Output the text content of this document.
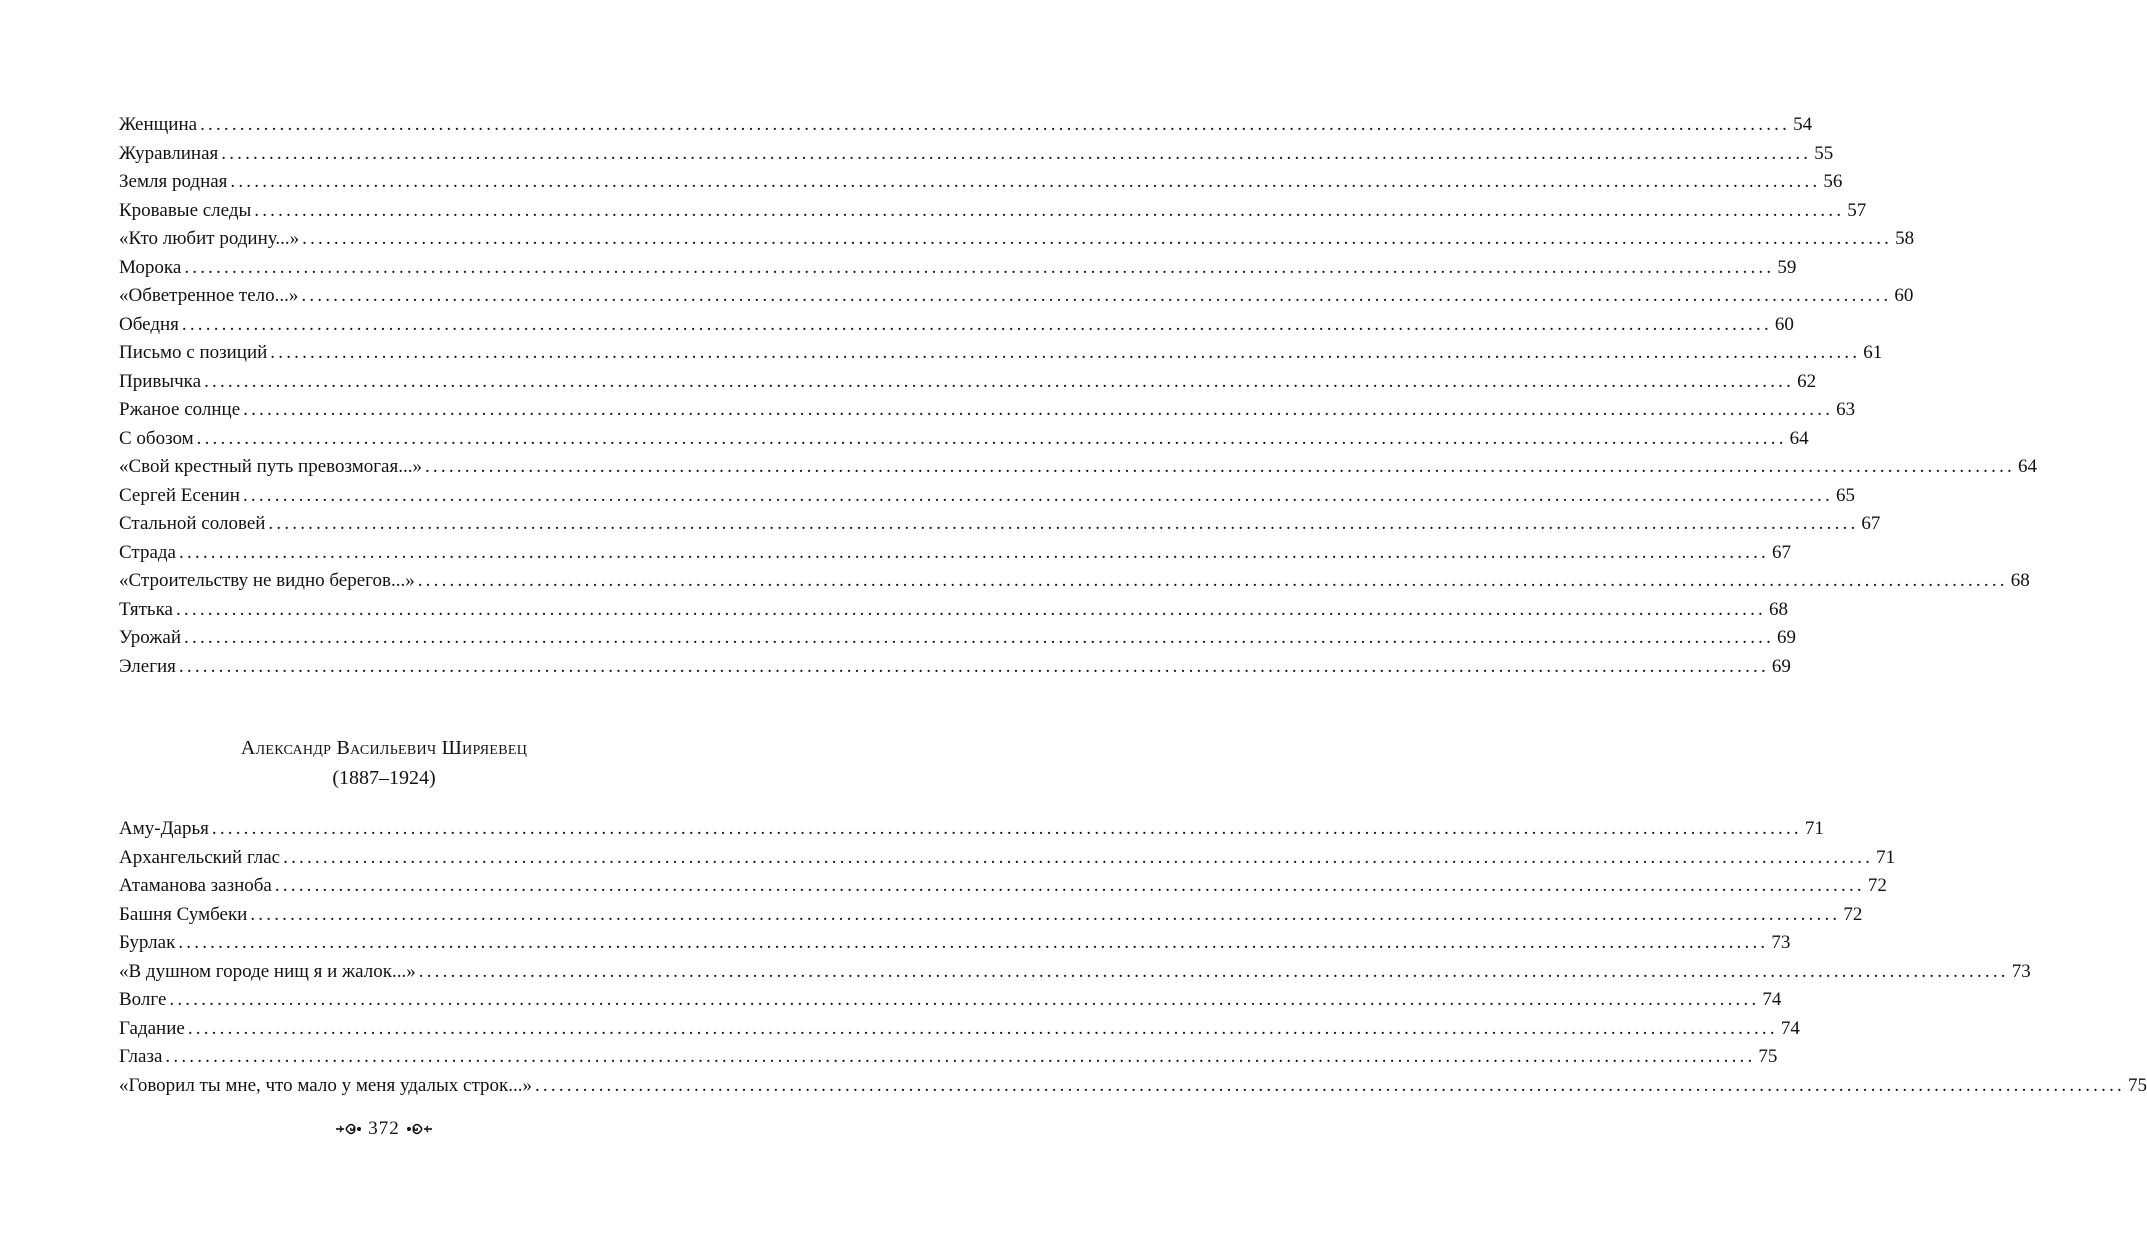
Женщина ........................................................................................................................................................................................................ 54
Журавлиная ........................................................................................................................................................................................................ 55
Земля родная ........................................................................................................................................................................................................ 56
Кровавые следы ........................................................................................................................................................................................................ 57
«Кто любит родину...» ........................................................................................................................................................................................................ 58
Морока ........................................................................................................................................................................................................ 59
«Обветренное тело...» ........................................................................................................................................................................................................ 60
Обедня ........................................................................................................................................................................................................ 60
Письмо с позиций ........................................................................................................................................................................................................ 61
Привычка ........................................................................................................................................................................................................ 62
Ржаное солнце ........................................................................................................................................................................................................ 63
С обозом ........................................................................................................................................................................................................ 64
«Свой крестный путь превозмогая...» ........................................................................................................................................................................................................ 64
Сергей Есенин ........................................................................................................................................................................................................ 65
Стальной соловей ........................................................................................................................................................................................................ 67
Страда ........................................................................................................................................................................................................ 67
«Строительству не видно берегов...» ........................................................................................................................................................................................................ 68
Тятька ........................................................................................................................................................................................................ 68
Урожай ........................................................................................................................................................................................................ 69
Элегия ........................................................................................................................................................................................................ 69
Александр Васильевич Ширяевец
(1887–1924)
Аму-Дарья ........................................................................................................................................................................................................ 71
Архангельский глас ........................................................................................................................................................................................................ 71
Атаманова зазноба ........................................................................................................................................................................................................ 72
Башня Сумбеки ........................................................................................................................................................................................................ 72
Бурлак ........................................................................................................................................................................................................ 73
«В душном городе нищ я и жалок...» ........................................................................................................................................................................................................ 73
Волге ........................................................................................................................................................................................................ 74
Гадание ........................................................................................................................................................................................................ 74
Глаза ........................................................................................................................................................................................................ 75
«Говорил ты мне, что мало у меня удалых строк...» ........................................................................................................................................................................................................ 75
372
